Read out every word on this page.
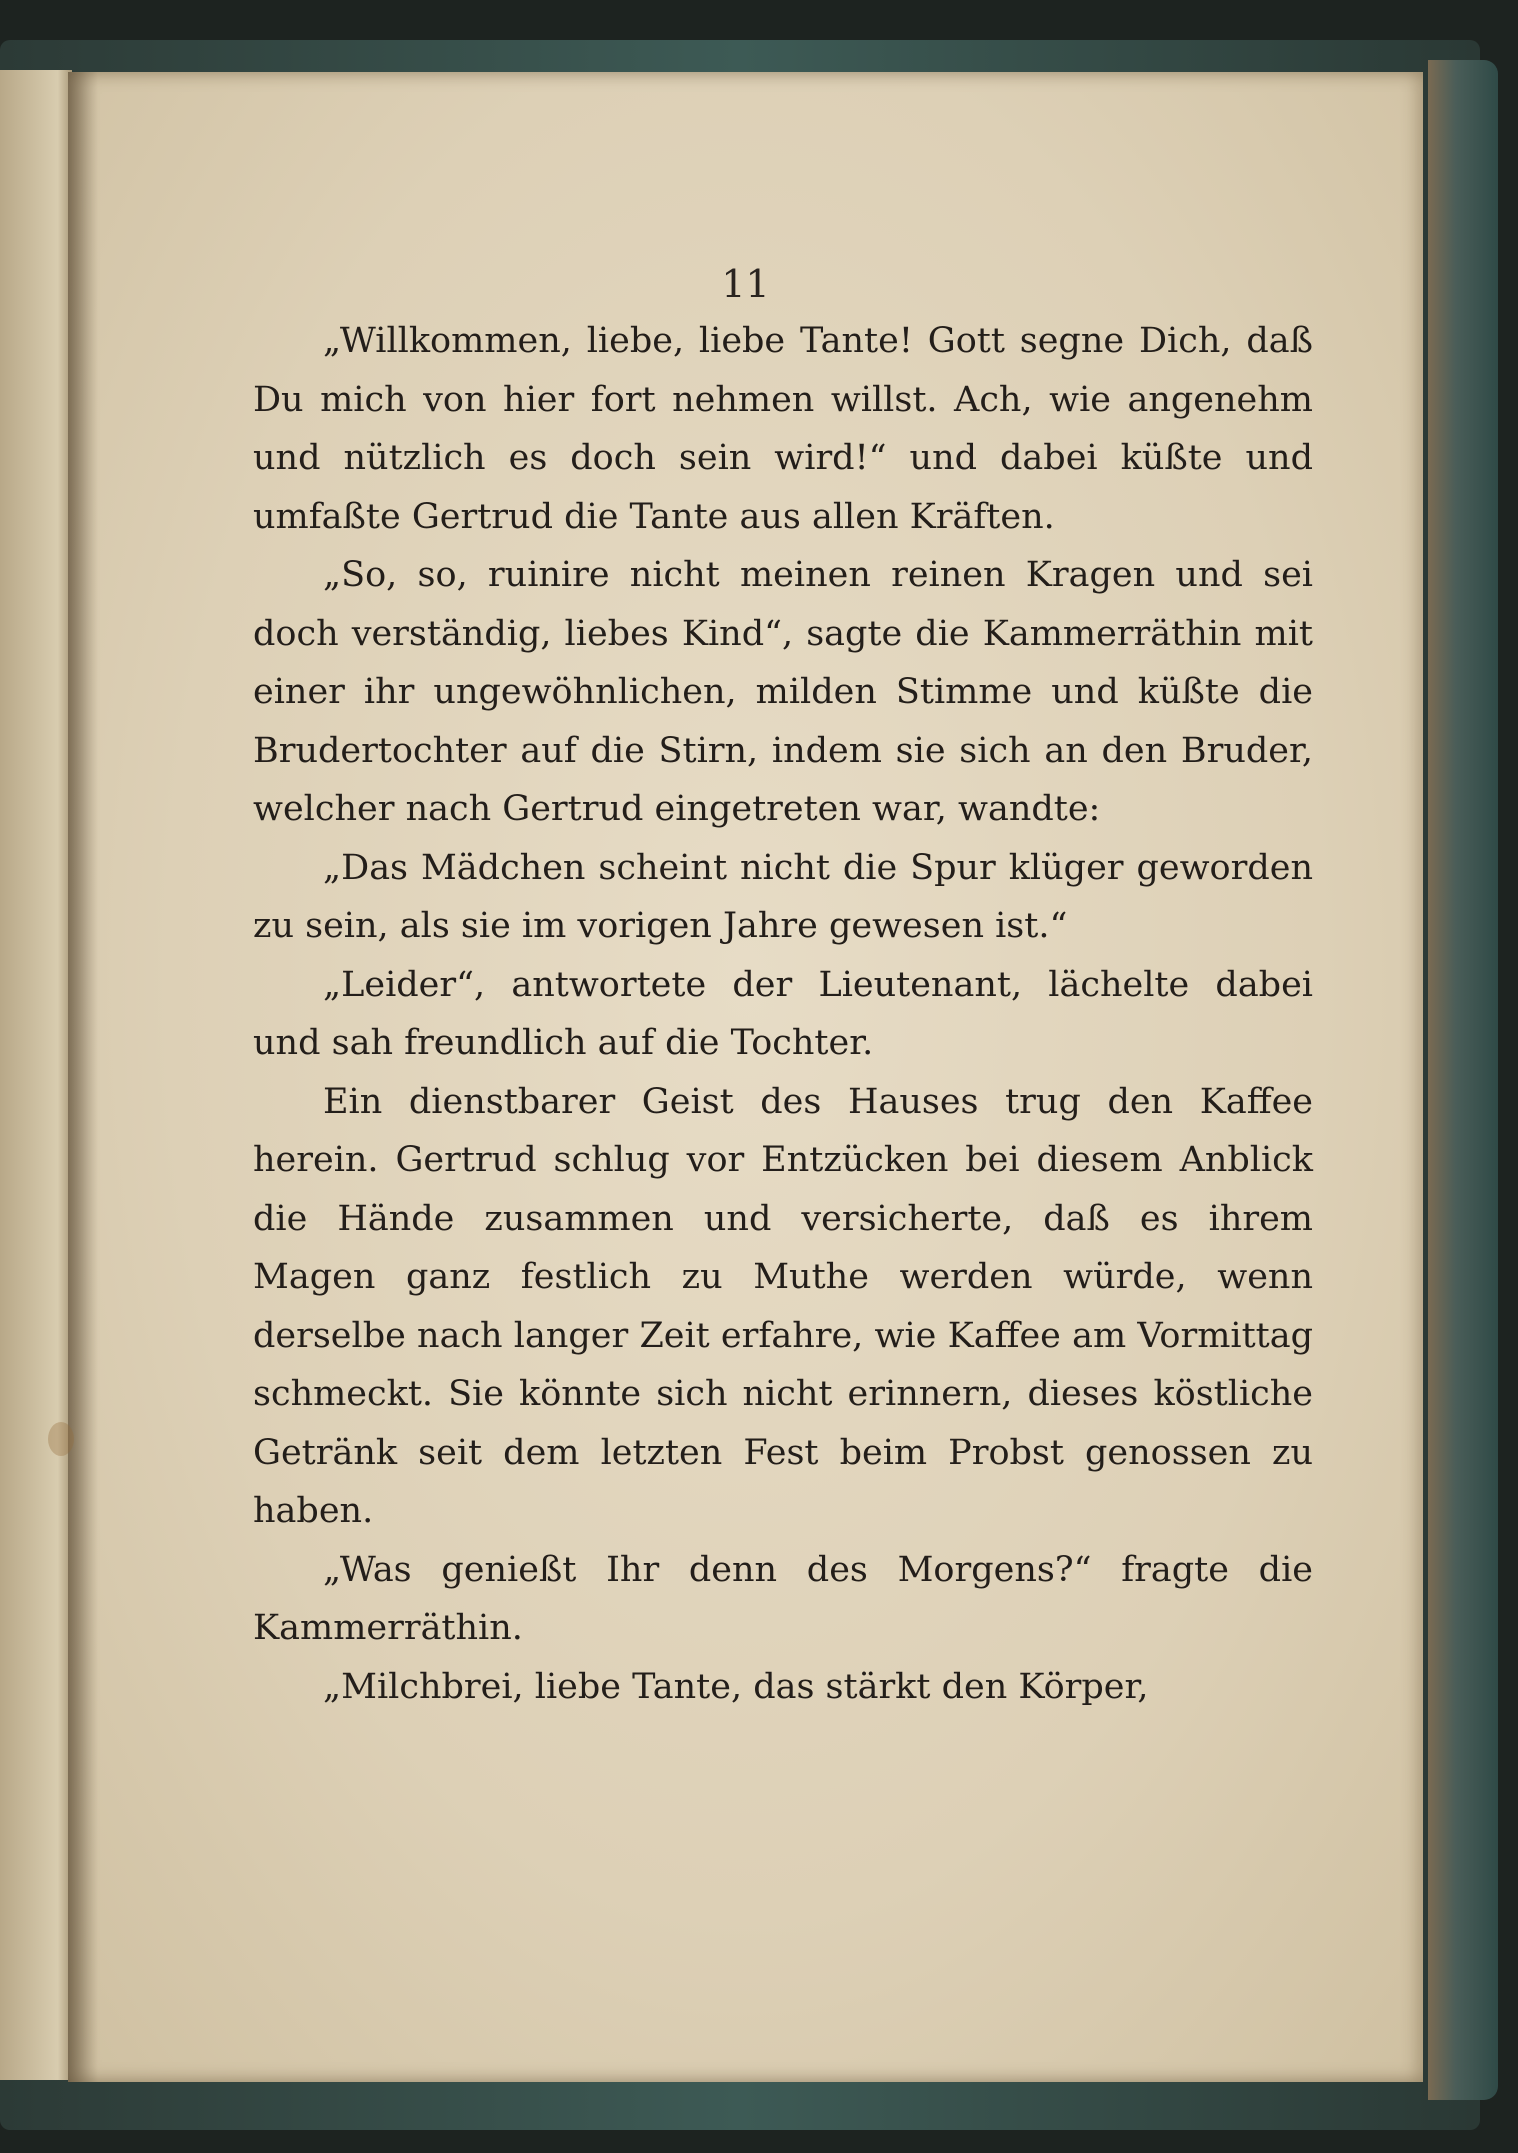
11

„Willkommen, liebe, liebe Tante! Gott segne Dich, daß Du mich von hier fort nehmen willst. Ach, wie angenehm und nützlich es doch sein wird!“ und dabei küßte und umfaßte Gertrud die Tante aus allen Kräften.

„So, so, ruinire nicht meinen reinen Kragen und sei doch verständig, liebes Kind“, sagte die Kammerräthin mit einer ihr ungewöhnlichen, milden Stimme und küßte die Brudertochter auf die Stirn, indem sie sich an den Bruder, welcher nach Gertrud eingetreten war, wandte:

„Das Mädchen scheint nicht die Spur klüger geworden zu sein, als sie im vorigen Jahre gewesen ist.“

„Leider“, antwortete der Lieutenant, lächelte dabei und sah freundlich auf die Tochter.

Ein dienstbarer Geist des Hauses trug den Kaffee herein. Gertrud schlug vor Entzücken bei diesem Anblick die Hände zusammen und versicherte, daß es ihrem Magen ganz festlich zu Muthe werden würde, wenn derselbe nach langer Zeit erfahre, wie Kaffee am Vormittag schmeckt. Sie könnte sich nicht erinnern, dieses köstliche Getränk seit dem letzten Fest beim Probst genossen zu haben.

„Was genießt Ihr denn des Morgens?“ fragte die Kammerräthin.

„Milchbrei, liebe Tante, das stärkt den Körper,
